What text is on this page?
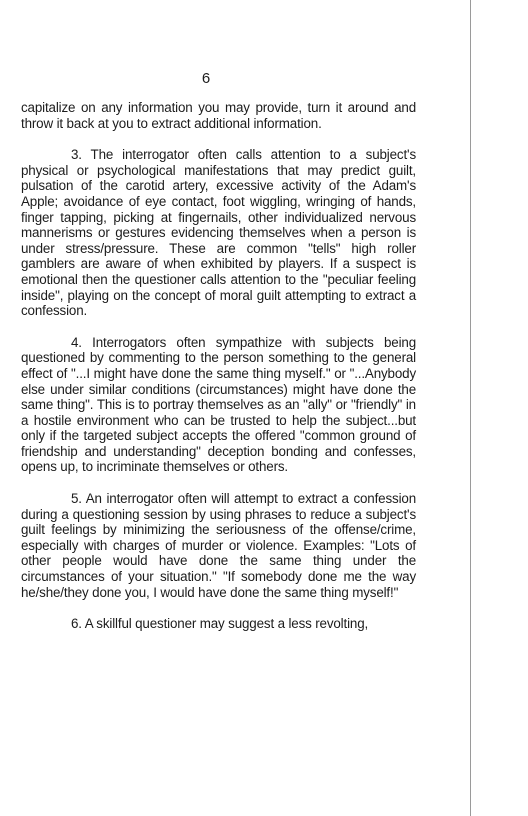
6

capitalize on any information you may provide, turn it around and throw it back at you to extract additional information.

3. The interrogator often calls attention to a subject's physical or psychological manifestations that may predict guilt, pulsation of the carotid artery, excessive activity of the Adam's Apple; avoidance of eye contact, foot wiggling, wringing of hands, finger tapping, picking at fingernails, other individualized nervous mannerisms or gestures evidencing themselves when a person is under stress/pressure. These are common "tells" high roller gamblers are aware of when exhibited by players. If a suspect is emotional then the questioner calls attention to the "peculiar feeling inside", playing on the concept of moral guilt attempting to extract a confession.

4. Interrogators often sympathize with subjects being questioned by commenting to the person something to the general effect of "...I might have done the same thing myself." or "...Anybody else under similar conditions (circumstances) might have done the same thing". This is to portray themselves as an "ally" or "friendly" in a hostile environment who can be trusted to help the subject...but only if the targeted subject accepts the offered "common ground of friendship and understanding" deception bonding and confesses, opens up, to incriminate themselves or others.

5. An interrogator often will attempt to extract a confession during a questioning session by using phrases to reduce a subject's guilt feelings by minimizing the seriousness of the offense/crime, especially with charges of murder or violence. Examples: "Lots of other people would have done the same thing under the circumstances of your situation." "If somebody done me the way he/she/they done you, I would have done the same thing myself!"

6. A skillful questioner may suggest a less revolting,
